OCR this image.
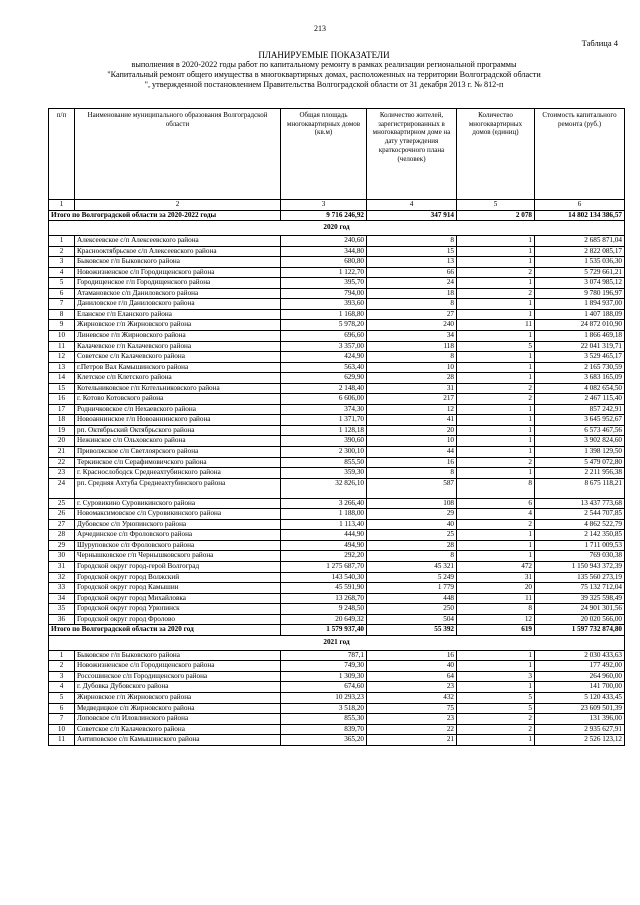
213
Таблица 4
ПЛАНИРУЕМЫЕ ПОКАЗАТЕЛИ
выполнения в 2020-2022 годы работ по капитальному ремонту в рамках реализации региональной программы
"Капитальный ремонт общего имущества в многоквартирных домах, расположенных на территории Волгоградской области
", утвержденной постановлением Правительства Волгоградской области от 31 декабря 2013 г. № 812-п
п/п	Наименование муниципального образования Волгоградской области	Общая площадь многоквартирных домов (кв.м)	Количество жителей, зарегистрированных в многоквартирном доме на дату утверждения краткосрочного плана (человек)	Количество многоквартирных домов (единиц)	Стоимость капитального ремонта (руб.)
1	2	3	4	5	6
Итого по Волгоградской области за 2020-2022 годы		9 716 246,92	347 914	2 078	14 802 134 386,57
2020 год					
1	Алексеевское с/п Алексеевского района	240,60	8	1	2 685 871,04
2	Краснооктябрьское с/п Алексеевского района	344,80	15	1	2 822 085,17
3	Быковское г/п Быковского района	680,80	13	1	1 535 036,30
4	Новожизненское с/п Городищенского района	1 122,70	66	2	5 729 661,21
5	Городищенское г/п Городищенского района	395,70	24	1	3 074 985,12
6	Атамановское с/п Даниловского района	794,00	18	2	9 780 196,97
7	Даниловское г/п Даниловского района	393,60	8	1	1 894 937,00
8	Еланское г/п Еланского района	1 168,80	27	1	1 407 188,09
9	Жирновское г/п Жирновского района	5 978,20	240	11	24 872 010,90
10	Линевское г/п Жирновского района	696,60	34	1	1 866 469,18
11	Калачевское г/п Калачевского района	3 357,00	118	5	22 041 319,71
12	Советское с/п Калачевского района	424,90	8	1	3 529 465,17
13	г.Петров Вал Камышинского района	563,40	10	1	2 165 730,59
14	Клетское с/п Клетского района	629,90	28	1	3 683 165,09
15	Котельниковское г/п Котельниковского района	2 148,40	31	2	4 082 654,50
16	г. Котово Котовского района	6 606,00	217	2	2 467 115,40
17	Родничковское с/п Нехаевского района	374,30	12	1	857 242,91
18	Новоаннинское г/п Новоаннинского района	1 371,70	41	1	3 645 952,67
19	рп. Октябрьский Октябрьского района	1 128,18	20	1	6 573 467,56
20	Нежинское с/п Ольховского района	390,60	10	1	3 902 824,60
21	Приволжское с/п Светлоярского района	2 300,10	44	1	1 398 129,50
22	Теркинское с/п Серафимовичского района	855,50	16	2	5 479 072,80
23	г. Краснослободск Среднеахтубинского района	359,30	8	1	2 211 956,38
24	рп. Средняя Ахтуба Среднеахтубинского района	32 826,10	587	8	8 675 118,21
25	г. Суровикино Суровикинского района	3 266,40	108	6	13 437 773,68
26	Новомаксимовское с/п Суровикинского района	1 188,00	29	4	2 544 707,85
27	Дубовское с/п Урюпинского района	1 113,40	40	2	4 862 522,79
28	Арчединское с/п Фроловского района	444,90	25	1	2 142 350,85
29	Шуруповское с/п Фроловского района	494,90	28	1	1 711 009,53
30	Чернышковское г/п Чернышковского района	292,20	8	1	769 030,38
31	Городской округ город-герой Волгоград	1 275 687,70	45 321	472	1 150 943 372,39
32	Городской округ город Волжский	143 540,30	5 249	31	135 560 273,19
33	Городской округ город Камышин	45 591,90	1 779	20	75 132 712,04
34	Городской округ город Михайловка	13 268,70	448	11	39 325 598,49
35	Городской округ город Урюпинск	9 248,50	250	8	24 901 301,56
36	Городской округ город Фролово	20 649,32	504	12	20 020 566,00
Итого по Волгоградской области за 2020 год		1 579 937,40	55 392	619	1 597 732 874,80
2021 год					
1	Быковское г/п Быковского района	787,1	16	1	2 030 433,63
2	Новожизненское с/п Городищенского района	749,30	40	1	177 492,00
3	Россошинское с/п Городищенского района	1 309,30	64	3	264 960,00
4	г. Дубовка Дубовского района	674,60	23	1	141 700,00
5	Жирновское г/п Жирновского района	10 293,23	432	5	5 120 433,45
6	Медведицкое с/п Жирновского района	3 518,20	75	5	23 609 501,39
7	Лоповское с/п Иловлинского района	855,30	23	2	131 396,00
10	Советское с/п Калачевского района	839,70	22	2	2 935 627,91
11	Антиповское с/п Камышинского района	365,20	21	1	2 526 123,12
